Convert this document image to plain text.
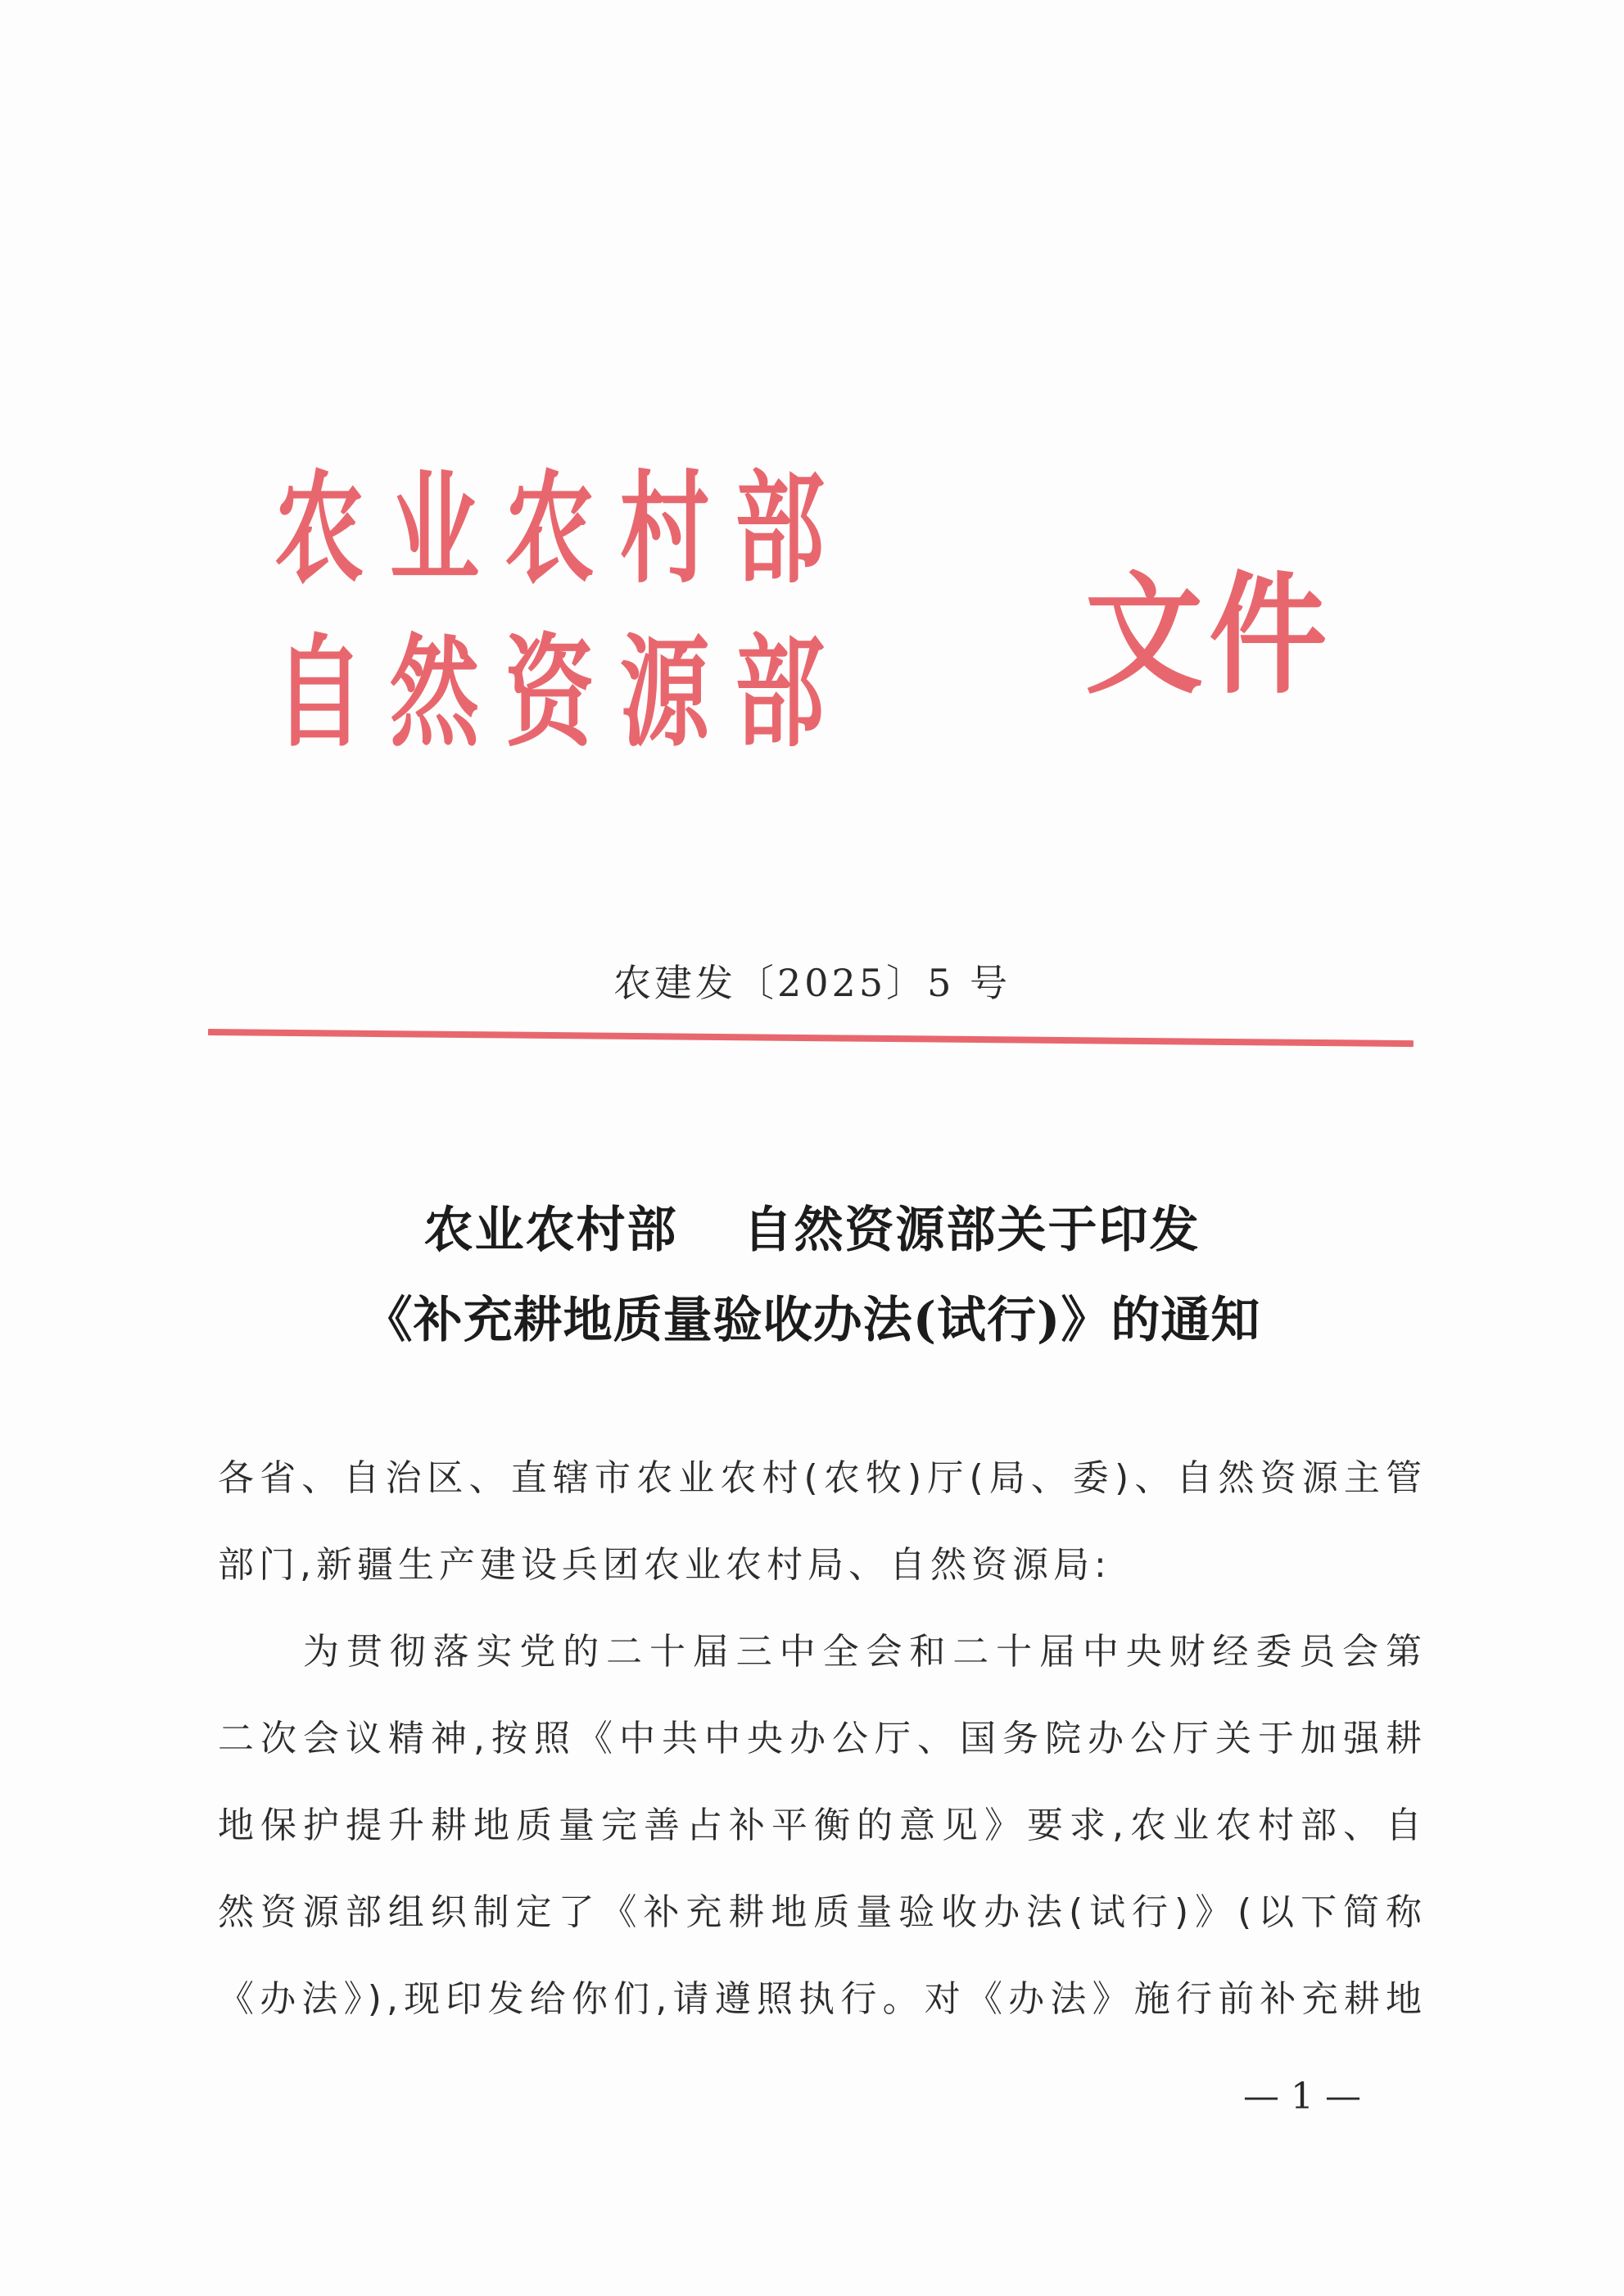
农业农村部
自然资源部 文件
农建发〔2025〕5 号
农业农村部 自然资源部关于印发
《补充耕地质量验收办法(试行)》的通知
各省、自治区、直辖市农业农村(农牧)厅(局、委)、自然资源主管
部门,新疆生产建设兵团农业农村局、自然资源局:
为贯彻落实党的二十届三中全会和二十届中央财经委员会第
二次会议精神,按照《中共中央办公厅、国务院办公厅关于加强耕
地保护提升耕地质量完善占补平衡的意见》要求,农业农村部、自
然资源部组织制定了《补充耕地质量验收办法(试行)》(以下简称
《办法》),现印发给你们,请遵照执行。对《办法》施行前补充耕地
— 1 —
